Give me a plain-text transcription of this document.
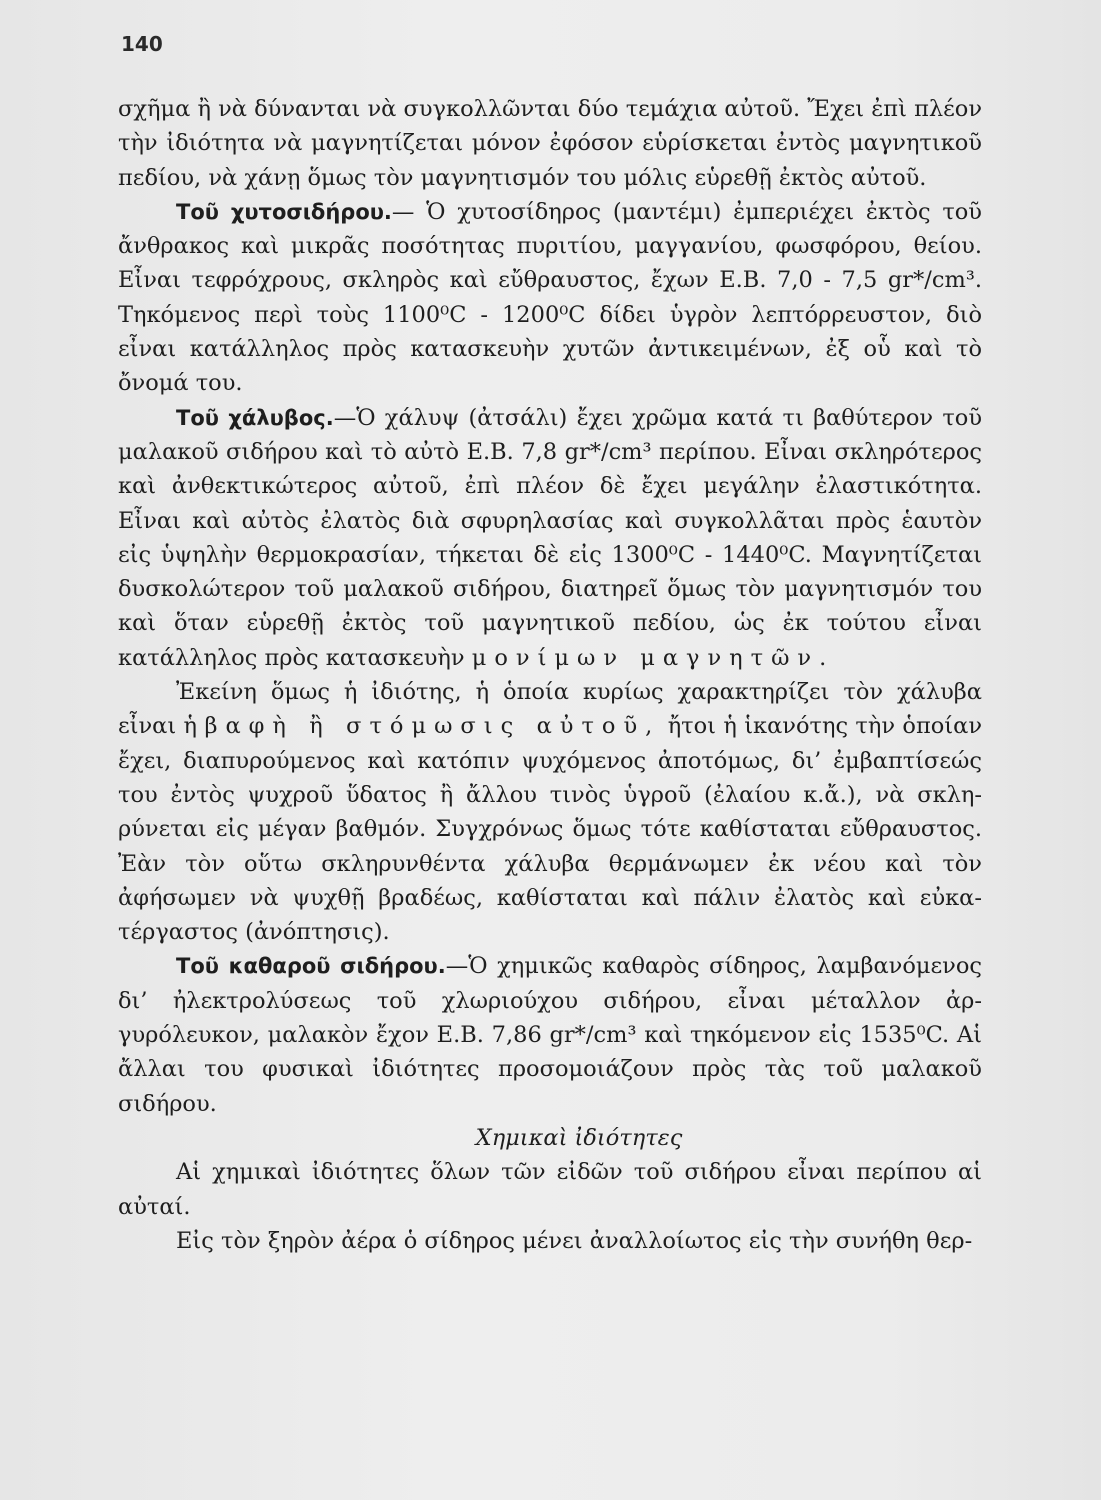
140

σχῆμα ἢ νὰ δύνανται νὰ συγκολλῶνται δύο τεμάχια αὐτοῦ. Ἔχει ἐπὶ πλέον τὴν ἰδιότητα νὰ μαγνητίζεται μόνον ἐφόσον εὑρίσκεται ἐντὸς μαγνητικοῦ πεδίου, νὰ χάνῃ ὅμως τὸν μαγνητισμόν του μόλις εὑρεθῇ ἐκτὸς αὐτοῦ.

Τοῦ χυτοσιδήρου.— Ὁ χυτοσίδηρος (μαντέμι) ἐμπεριέχει ἐκτὸς τοῦ ἄνθρακος καὶ μικρᾶς ποσότητας πυριτίου, μαγγανίου, φωσφόρου, θείου. Εἶναι τεφρόχρους, σκληρὸς καὶ εὔθραυστος, ἔχων Ε.Β. 7,0 - 7,5 gr*/cm³. Τηκόμενος περὶ τοὺς 1100⁰C - 1200⁰C δίδει ὑγρὸν λεπτόρρευστον, διὸ εἶναι κατάλληλος πρὸς κατασκευὴν χυτῶν ἀντικειμένων, ἐξ οὗ καὶ τὸ ὄνομά του.

Τοῦ χάλυβος.—Ὁ χάλυψ (ἀτσάλι) ἔχει χρῶμα κατά τι βαθύτερον τοῦ μαλακοῦ σιδήρου καὶ τὸ αὐτὸ Ε.Β. 7,8 gr*/cm³ περίπου. Εἶναι σκληρότερος καὶ ἀνθεκτικώτερος αὐτοῦ, ἐπὶ πλέον δὲ ἔχει μεγάλην ἐλαστικότητα. Εἶναι καὶ αὐτὸς ἐλατὸς διὰ σφυρηλασίας καὶ συγκολλᾶται πρὸς ἑαυτὸν εἰς ὑψηλὴν θερμοκρασίαν, τήκεται δὲ εἰς 1300⁰C - 1440⁰C. Μαγνητίζεται δυσκολώτερον τοῦ μαλακοῦ σιδήρου, διατηρεῖ ὅμως τὸν μαγνητισμόν του καὶ ὅταν εὑρεθῇ ἐκτὸς τοῦ μαγνητικοῦ πεδίου, ὡς ἐκ τούτου εἶναι κατάλληλος πρὸς κατασκευὴν μονίμων μαγνητῶν.

Ἐκείνη ὅμως ἡ ἰδιότης, ἡ ὁποία κυρίως χαρακτηρίζει τὸν χάλυβα εἶναι ἡ βαφὴ ἢ στόμωσις αὐτοῦ, ἤτοι ἡ ἱκανότης τὴν ὁποίαν ἔχει, διαπυρούμενος καὶ κατόπιν ψυχόμενος ἀποτόμως, δι’ ἐμβαπτίσεώς του ἐντὸς ψυχροῦ ὕδατος ἢ ἄλλου τινὸς ὑγροῦ (ἐλαίου κ.ἄ.), νὰ σκληρύνεται εἰς μέγαν βαθμόν. Συγχρόνως ὅμως τότε καθίσταται εὔθραυστος. Ἐὰν τὸν οὕτω σκληρυνθέντα χάλυβα θερμάνωμεν ἐκ νέου καὶ τὸν ἀφήσωμεν νὰ ψυχθῇ βραδέως, καθίσταται καὶ πάλιν ἐλατὸς καὶ εὐκατέργαστος (ἀνόπτησις).

Τοῦ καθαροῦ σιδήρου.—Ὁ χημικῶς καθαρὸς σίδηρος, λαμβανόμενος δι’ ἠλεκτρολύσεως τοῦ χλωριούχου σιδήρου, εἶναι μέταλλον ἀργυρόλευκον, μαλακὸν ἔχον Ε.Β. 7,86 gr*/cm³ καὶ τηκόμενον εἰς 1535⁰C. Αἱ ἄλλαι του φυσικαὶ ἰδιότητες προσομοιάζουν πρὸς τὰς τοῦ μαλακοῦ σιδήρου.

Χημικαὶ ἰδιότητες

Αἱ χημικαὶ ἰδιότητες ὅλων τῶν εἰδῶν τοῦ σιδήρου εἶναι περίπου αἱ αὐταί.

Εἰς τὸν ξηρὸν ἀέρα ὁ σίδηρος μένει ἀναλλοίωτος εἰς τὴν συνήθη θερ-
